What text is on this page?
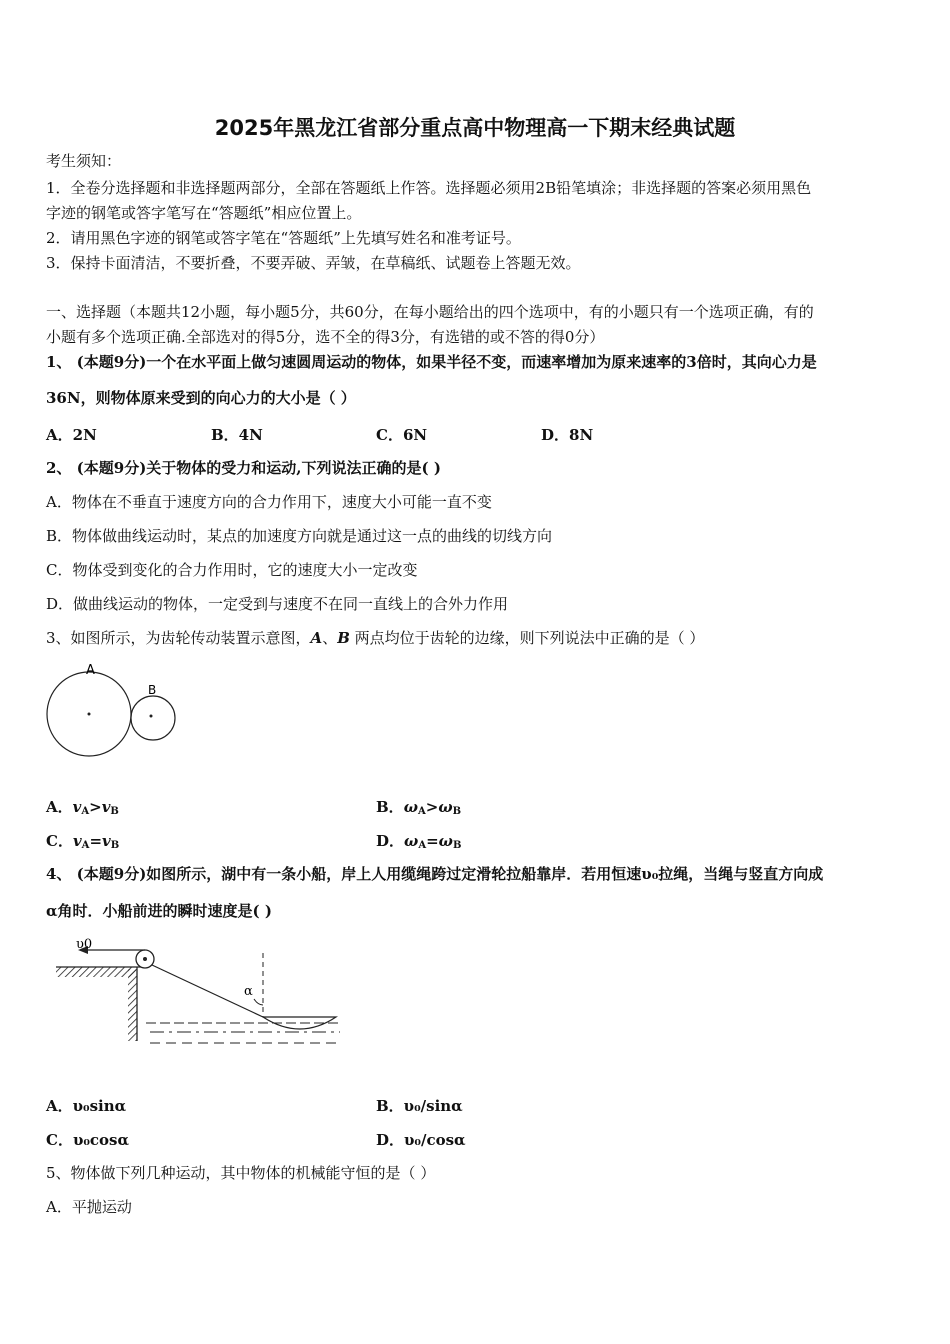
2025年黑龙江省部分重点高中物理高一下期末经典试题
考生须知：
1．全卷分选择题和非选择题两部分，全部在答题纸上作答。选择题必须用2B铅笔填涂；非选择题的答案必须用黑色
字迹的钢笔或答字笔写在“答题纸”相应位置上。
2．请用黑色字迹的钢笔或答字笔在“答题纸”上先填写姓名和准考证号。
3．保持卡面清洁，不要折叠，不要弄破、弄皱，在草稿纸、试题卷上答题无效。
一、选择题（本题共12小题，每小题5分，共60分，在每小题给出的四个选项中，有的小题只有一个选项正确，有的
小题有多个选项正确.全部选对的得5分，选不全的得3分，有选错的或不答的得0分）
1、 (本题9分)一个在水平面上做匀速圆周运动的物体，如果半径不变，而速率增加为原来速率的3倍时，其向心力是
36N，则物体原来受到的向心力的大小是（ ）
A．2N	B．4N	C．6N	D．8N
2、 (本题9分)关于物体的受力和运动,下列说法正确的是( )
A．物体在不垂直于速度方向的合力作用下，速度大小可能一直不变
B．物体做曲线运动时，某点的加速度方向就是通过这一点的曲线的切线方向
C．物体受到变化的合力作用时，它的速度大小一定改变
D．做曲线运动的物体，一定受到与速度不在同一直线上的合外力作用
3、如图所示，为齿轮传动装置示意图，A、B 两点均位于齿轮的边缘，则下列说法中正确的是（ ）
A
B
A．$v_A>v_B$	B．$\omega_A>\omega_B$
C．$v_A=v_B$	D．$\omega_A=\omega_B$
4、 (本题9分)如图所示，湖中有一条小船，岸上人用缆绳跨过定滑轮拉船靠岸．若用恒速υ₀拉绳，当绳与竖直方向成
α角时．小船前进的瞬时速度是( )
υ0
α
A．υ₀sinα	B．υ₀/sinα
C．υ₀cosα	D．υ₀/cosα
5、物体做下列几种运动，其中物体的机械能守恒的是（ ）
A．平抛运动
